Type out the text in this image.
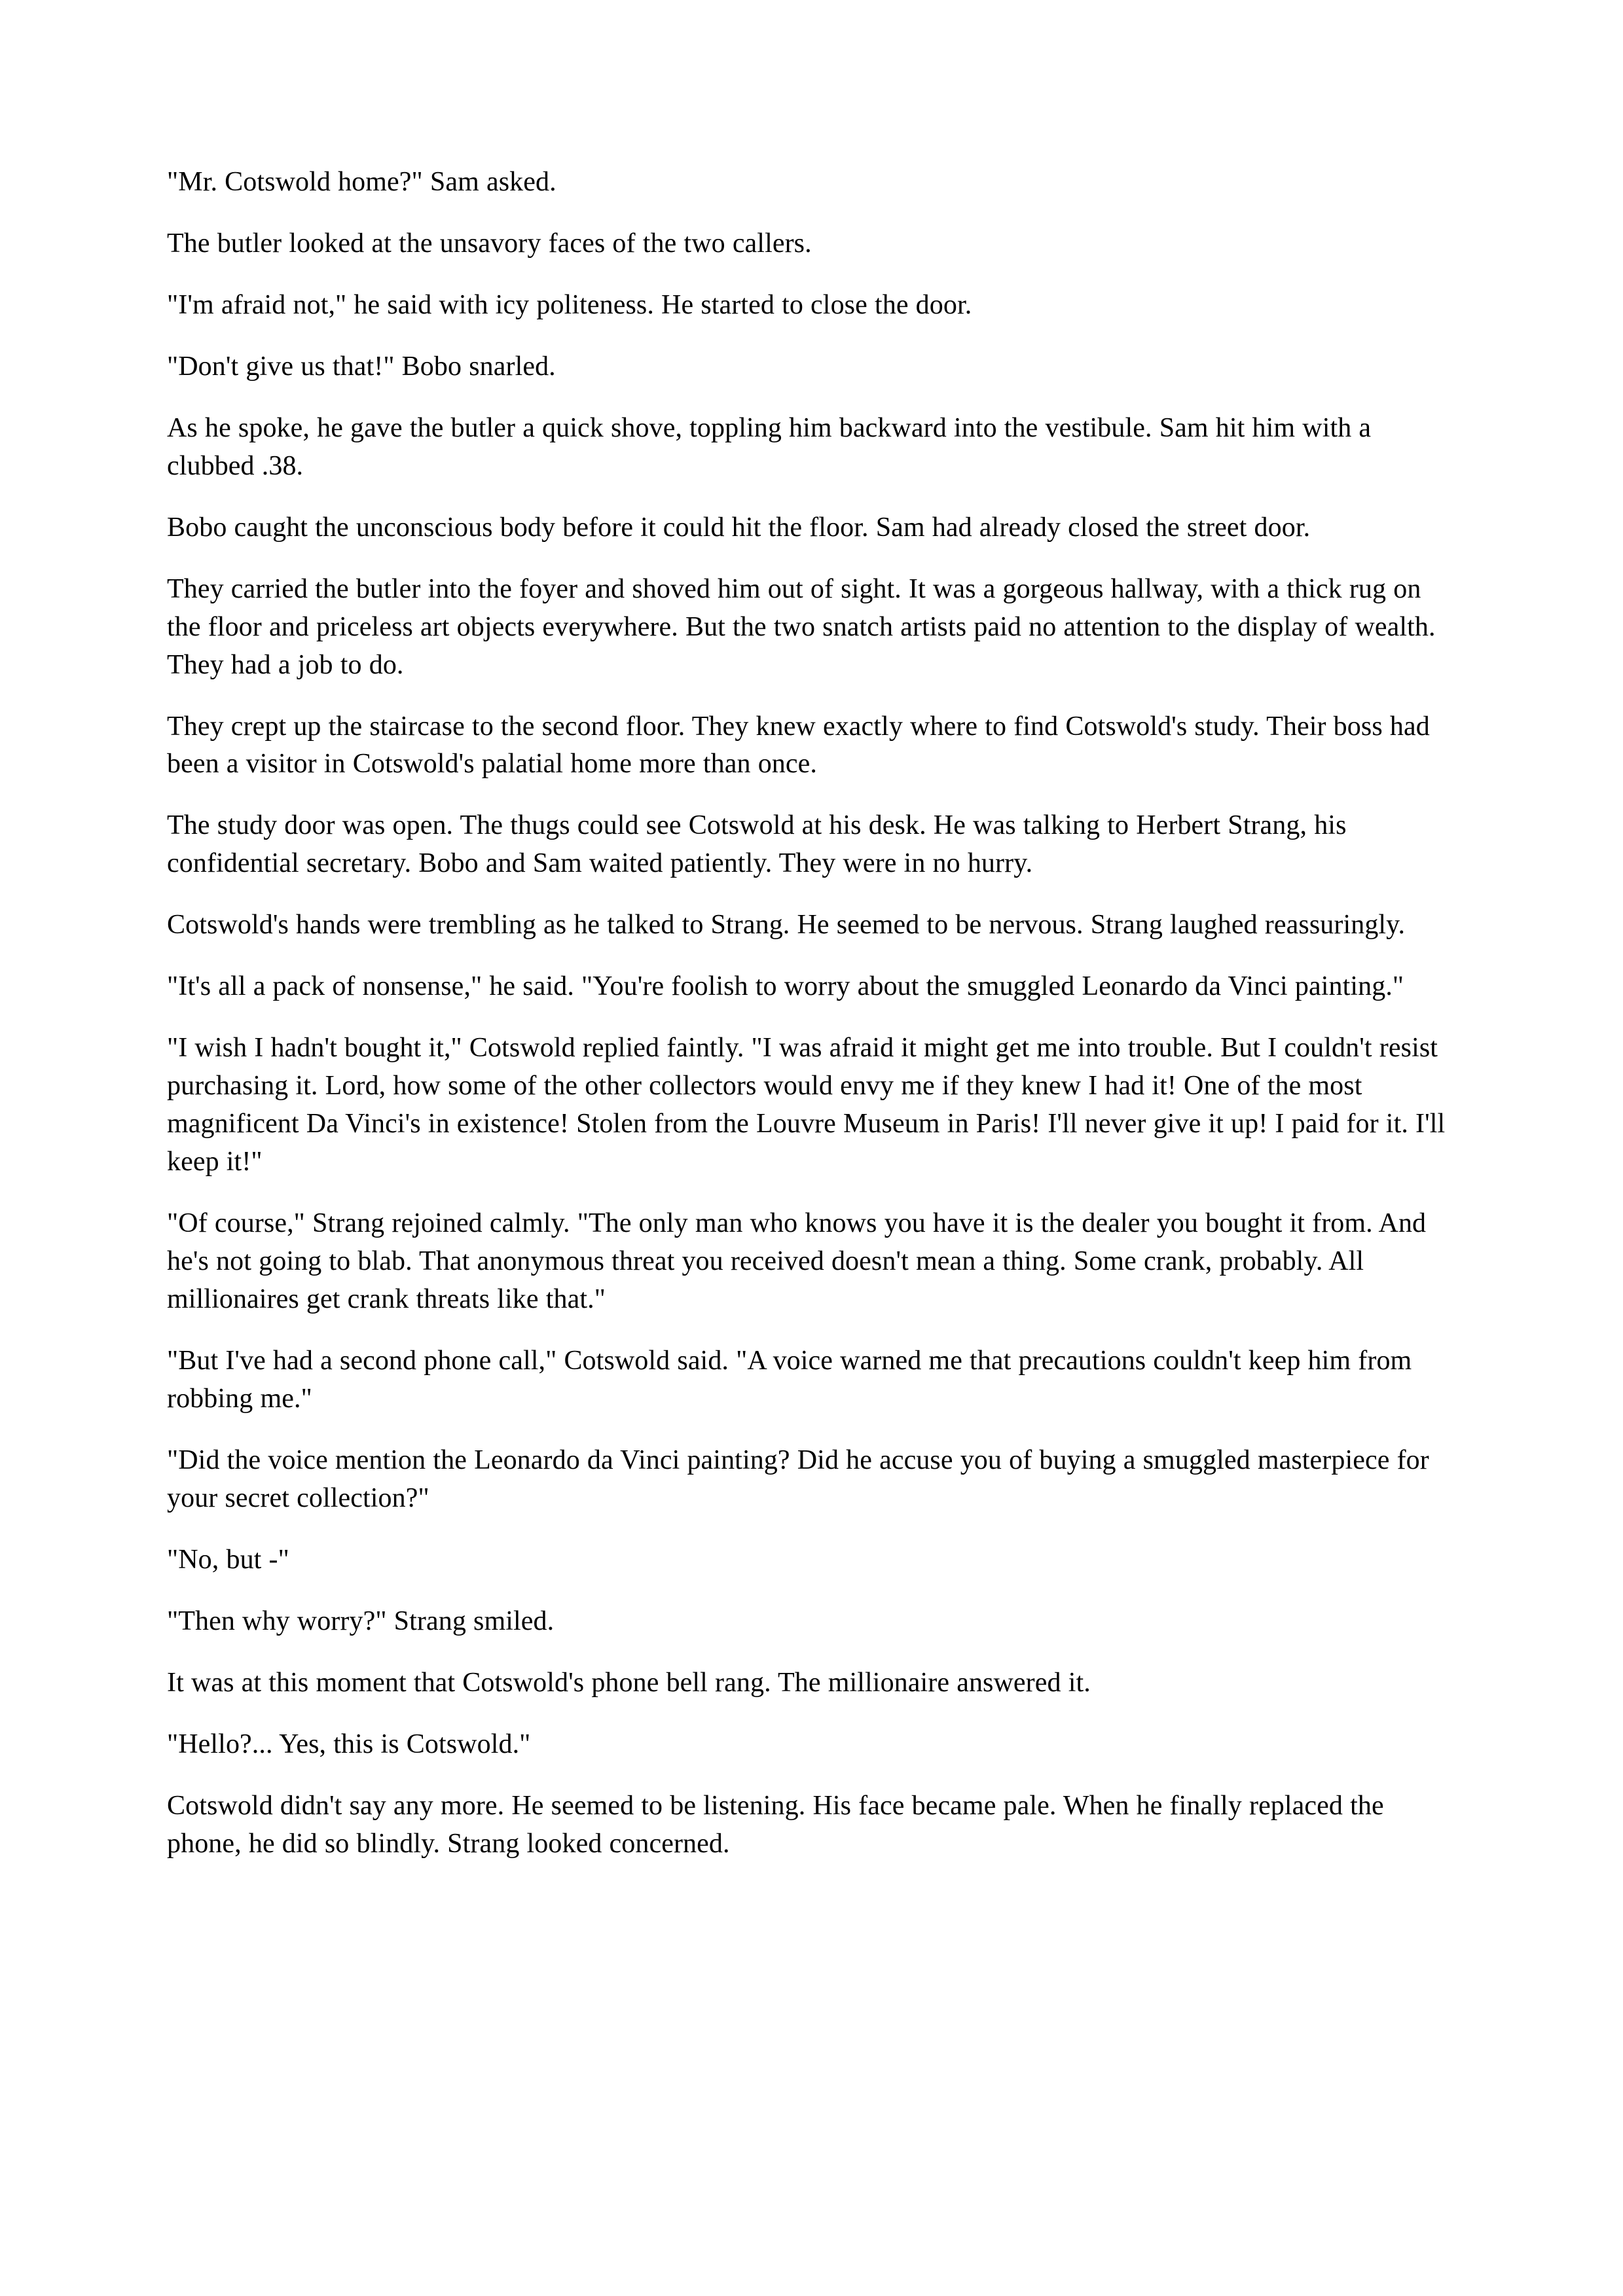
"Mr. Cotswold home?" Sam asked.

The butler looked at the unsavory faces of the two callers.

"I'm afraid not," he said with icy politeness. He started to close the door.

"Don't give us that!" Bobo snarled.

As he spoke, he gave the butler a quick shove, toppling him backward into the vestibule. Sam hit him with a clubbed .38.

Bobo caught the unconscious body before it could hit the floor. Sam had already closed the street door.

They carried the butler into the foyer and shoved him out of sight. It was a gorgeous hallway, with a thick rug on the floor and priceless art objects everywhere. But the two snatch artists paid no attention to the display of wealth. They had a job to do.

They crept up the staircase to the second floor. They knew exactly where to find Cotswold's study. Their boss had been a visitor in Cotswold's palatial home more than once.

The study door was open. The thugs could see Cotswold at his desk. He was talking to Herbert Strang, his confidential secretary. Bobo and Sam waited patiently. They were in no hurry.

Cotswold's hands were trembling as he talked to Strang. He seemed to be nervous. Strang laughed reassuringly.

"It's all a pack of nonsense," he said. "You're foolish to worry about the smuggled Leonardo da Vinci painting."

"I wish I hadn't bought it," Cotswold replied faintly. "I was afraid it might get me into trouble. But I couldn't resist purchasing it. Lord, how some of the other collectors would envy me if they knew I had it! One of the most magnificent Da Vinci's in existence! Stolen from the Louvre Museum in Paris! I'll never give it up! I paid for it. I'll keep it!"

"Of course," Strang rejoined calmly. "The only man who knows you have it is the dealer you bought it from. And he's not going to blab. That anonymous threat you received doesn't mean a thing. Some crank, probably. All millionaires get crank threats like that."

"But I've had a second phone call," Cotswold said. "A voice warned me that precautions couldn't keep him from robbing me."

"Did the voice mention the Leonardo da Vinci painting? Did he accuse you of buying a smuggled masterpiece for your secret collection?"

"No, but -"

"Then why worry?" Strang smiled.

It was at this moment that Cotswold's phone bell rang. The millionaire answered it.

"Hello?... Yes, this is Cotswold."

Cotswold didn't say any more. He seemed to be listening. His face became pale. When he finally replaced the phone, he did so blindly. Strang looked concerned.
